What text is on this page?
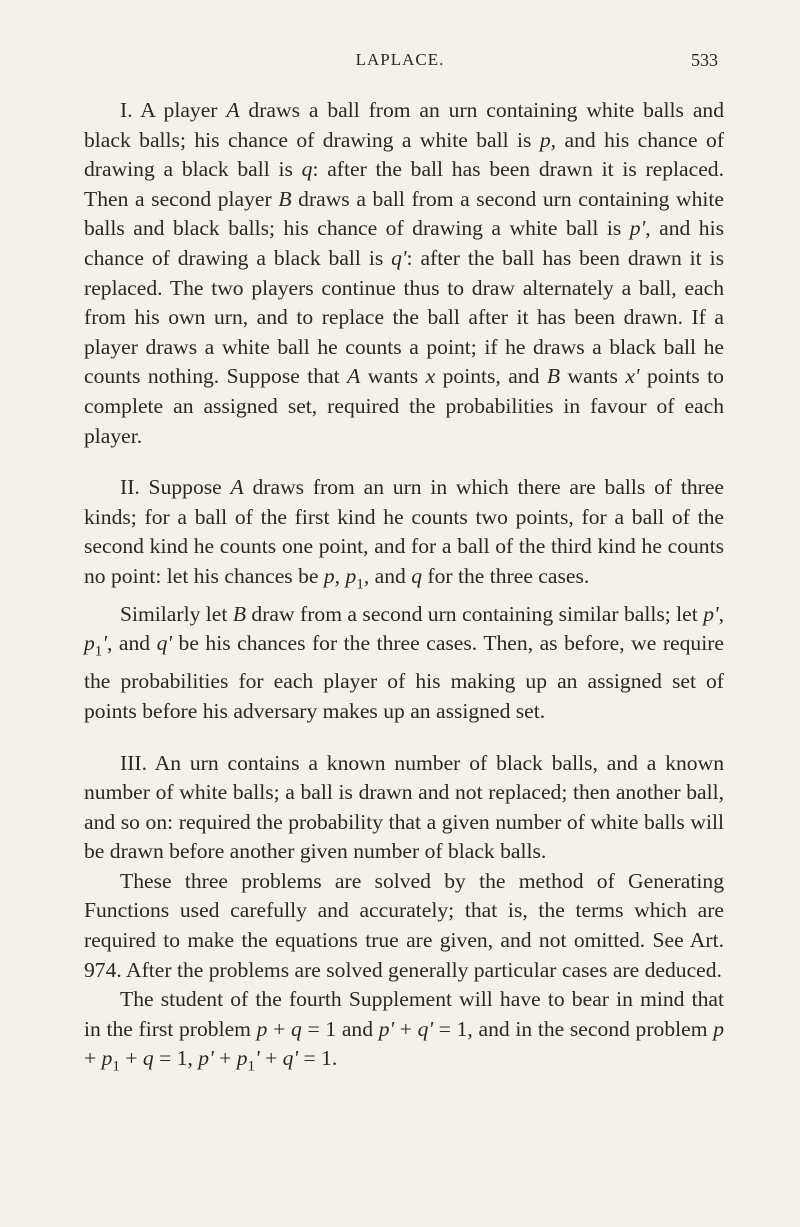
LAPLACE.	533

I. A player A draws a ball from an urn containing white balls and black balls; his chance of drawing a white ball is p, and his chance of drawing a black ball is q: after the ball has been drawn it is replaced. Then a second player B draws a ball from a second urn containing white balls and black balls; his chance of drawing a white ball is p', and his chance of drawing a black ball is q': after the ball has been drawn it is replaced. The two players continue thus to draw alternately a ball, each from his own urn, and to replace the ball after it has been drawn. If a player draws a white ball he counts a point; if he draws a black ball he counts nothing. Suppose that A wants x points, and B wants x' points to complete an assigned set, required the probabilities in favour of each player.

II. Suppose A draws from an urn in which there are balls of three kinds; for a ball of the first kind he counts two points, for a ball of the second kind he counts one point, and for a ball of the third kind he counts no point: let his chances be p, $p_1$, and q for the three cases.

Similarly let B draw from a second urn containing similar balls; let p', $p_1'$, and q' be his chances for the three cases. Then, as before, we require the probabilities for each player of his making up an assigned set of points before his adversary makes up an assigned set.

III. An urn contains a known number of black balls, and a known number of white balls; a ball is drawn and not replaced; then another ball, and so on: required the probability that a given number of white balls will be drawn before another given number of black balls.

These three problems are solved by the method of Generating Functions used carefully and accurately; that is, the terms which are required to make the equations true are given, and not omitted. See Art. 974. After the problems are solved generally particular cases are deduced.

The student of the fourth Supplement will have to bear in mind that in the first problem p + q = 1 and p' + q' = 1, and in the second problem $p + p_1 + q = 1$, $p' + p_1' + q' = 1$.
